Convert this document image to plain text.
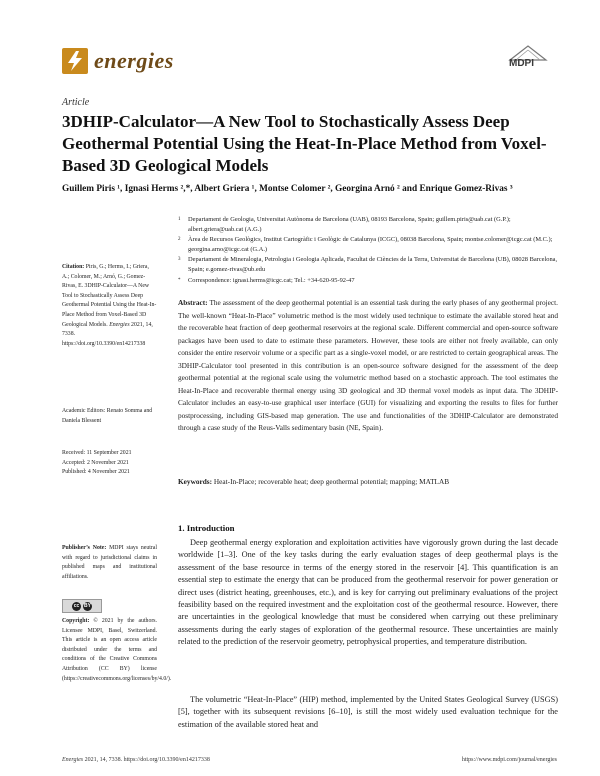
energies	MDPI
Article
3DHIP-Calculator—A New Tool to Stochastically Assess Deep Geothermal Potential Using the Heat-In-Place Method from Voxel-Based 3D Geological Models
Guillem Piris ¹, Ignasi Herms ²,*, Albert Griera ¹, Montse Colomer ², Georgina Arnó ² and Enrique Gomez-Rivas ³
1 Departament de Geologia, Universitat Autònoma de Barcelona (UAB), 08193 Barcelona, Spain; guillem.piris@uab.cat (G.P.); albert.griera@uab.cat (A.G.)
2 Àrea de Recursos Geològics, Institut Cartogràfic i Geològic de Catalunya (ICGC), 08038 Barcelona, Spain; montse.colomer@icgc.cat (M.C.); georgina.arno@icgc.cat (G.A.)
3 Departament de Mineralogia, Petrologia i Geologia Aplicada, Facultat de Ciències de la Terra, Universitat de Barcelona (UB), 08028 Barcelona, Spain; e.gomez-rivas@ub.edu
* Correspondence: ignasi.herms@icgc.cat; Tel.: +34-620-95-92-47
Abstract: The assessment of the deep geothermal potential is an essential task during the early phases of any geothermal project. The well-known “Heat-In-Place” volumetric method is the most widely used technique to estimate the available stored heat and the recoverable heat fraction of deep geothermal reservoirs at the regional scale. Different commercial and open-source software packages have been used to date to estimate these parameters. However, these tools are either not freely available, can only consider the entire reservoir volume or a specific part as a single-voxel model, or are restricted to certain geographical areas. The 3DHIP-Calculator tool presented in this contribution is an open-source software designed for the assessment of the deep geothermal potential at the regional scale using the volumetric method based on a stochastic approach. The tool estimates the Heat-In-Place and recoverable thermal energy using 3D geological and 3D thermal voxel models as input data. The 3DHIP-Calculator includes an easy-to-use graphical user interface (GUI) for visualizing and exporting the results to files for further postprocessing, including GIS-based map generation. The use and functionalities of the 3DHIP-Calculator are demonstrated through a case study of the Reus-Valls sedimentary basin (NE, Spain).
Keywords: Heat-In-Place; recoverable heat; deep geothermal potential; mapping; MATLAB
Citation: Piris, G.; Herms, I.; Griera, A.; Colomer, M.; Arnó, G.; Gomez-Rivas, E. 3DHIP-Calculator—A New Tool to Stochastically Assess Deep Geothermal Potential Using the Heat-In-Place Method from Voxel-Based 3D Geological Models. Energies 2021, 14, 7338. https://doi.org/10.3390/en14217338
Academic Editors: Renato Somma and Daniela Blessent
Received: 11 September 2021
Accepted: 2 November 2021
Published: 4 November 2021
Publisher’s Note: MDPI stays neutral with regard to jurisdictional claims in published maps and institutional affiliations.
cc BY
Copyright: © 2021 by the authors. Licensee MDPI, Basel, Switzerland. This article is an open access article distributed under the terms and conditions of the Creative Commons Attribution (CC BY) license (https://creativecommons.org/licenses/by/4.0/).
1. Introduction
Deep geothermal energy exploration and exploitation activities have vigorously grown during the last decade worldwide [1–3]. One of the key tasks during the early evaluation stages of deep geothermal plays is the assessment of the base resource in terms of the energy stored in the reservoir [4]. This quantification is an essential step to estimate the energy that can be produced from the geothermal reservoir for power generation or direct uses (district heating, greenhouses, etc.), and is key for carrying out preliminary evaluations of the project feasibility based on the required investment and the exploitation cost of the geothermal resource. However, there are uncertainties in the geological knowledge that must be considered when carrying out these preliminary assessments during the early stages of exploration of the geothermal resource. These uncertainties are mainly related to the prediction of the reservoir geometry, petrophysical properties, and temperature distribution.
The volumetric “Heat-In-Place” (HIP) method, implemented by the United States Geological Survey (USGS) [5], together with its subsequent revisions [6–10], is still the most widely used evaluation technique for the estimation of the available stored heat and
Energies 2021, 14, 7338. https://doi.org/10.3390/en14217338	https://www.mdpi.com/journal/energies
